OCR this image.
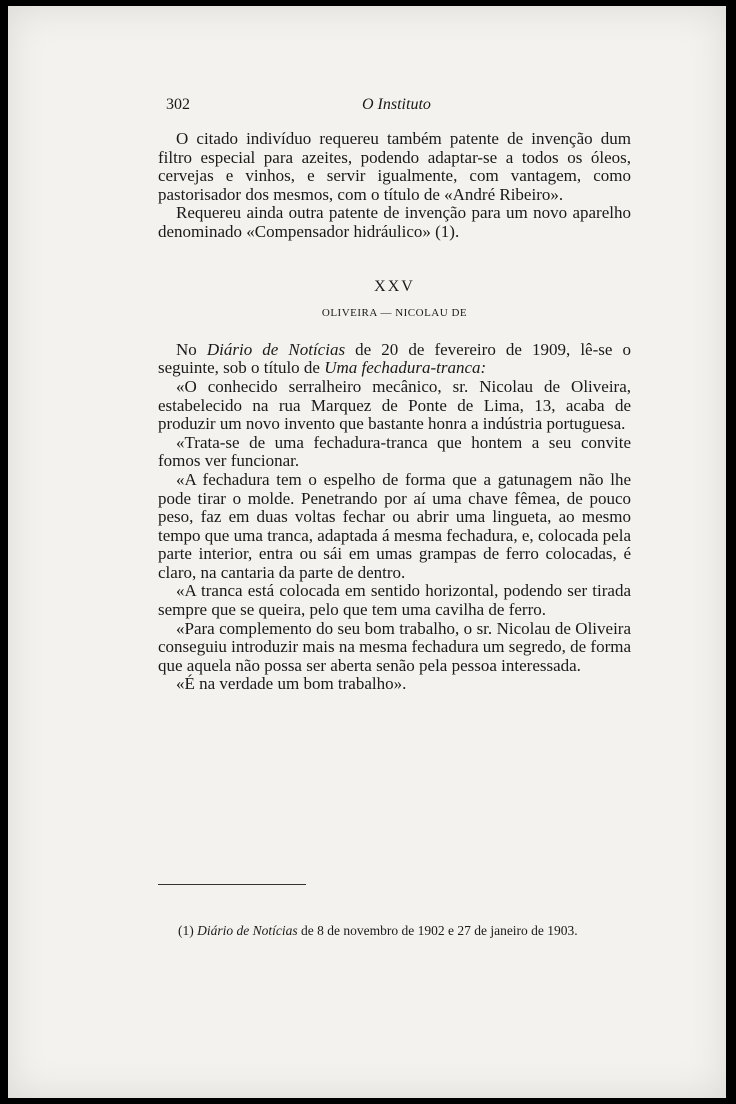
302	O Instituto

O citado indivíduo requereu também patente de invenção dum filtro especial para azeites, podendo adaptar-se a todos os óleos, cervejas e vinhos, e servir igualmente, com vantagem, como pastorisador dos mesmos, com o título de «André Ribeiro».

Requereu ainda outra patente de invenção para um novo aparelho denominado «Compensador hidráulico» (1).

XXV

OLIVEIRA — NICOLAU DE

No Diário de Notícias de 20 de fevereiro de 1909, lê-se o seguinte, sob o título de Uma fechadura-tranca:

«O conhecido serralheiro mecânico, sr. Nicolau de Oliveira, estabelecido na rua Marquez de Ponte de Lima, 13, acaba de produzir um novo invento que bastante honra a indústria portuguesa.

«Trata-se de uma fechadura-tranca que hontem a seu convite fomos ver funcionar.

«A fechadura tem o espelho de forma que a gatunagem não lhe pode tirar o molde. Penetrando por aí uma chave fêmea, de pouco peso, faz em duas voltas fechar ou abrir uma lingueta, ao mesmo tempo que uma tranca, adaptada á mesma fechadura, e, colocada pela parte interior, entra ou sái em umas grampas de ferro colocadas, é claro, na cantaria da parte de dentro.

«A tranca está colocada em sentido horizontal, podendo ser tirada sempre que se queira, pelo que tem uma cavilha de ferro.

«Para complemento do seu bom trabalho, o sr. Nicolau de Oliveira conseguiu introduzir mais na mesma fechadura um segredo, de forma que aquela não possa ser aberta senão pela pessoa interessada.

«É na verdade um bom trabalho».

(1) Diário de Notícias de 8 de novembro de 1902 e 27 de janeiro de 1903.
